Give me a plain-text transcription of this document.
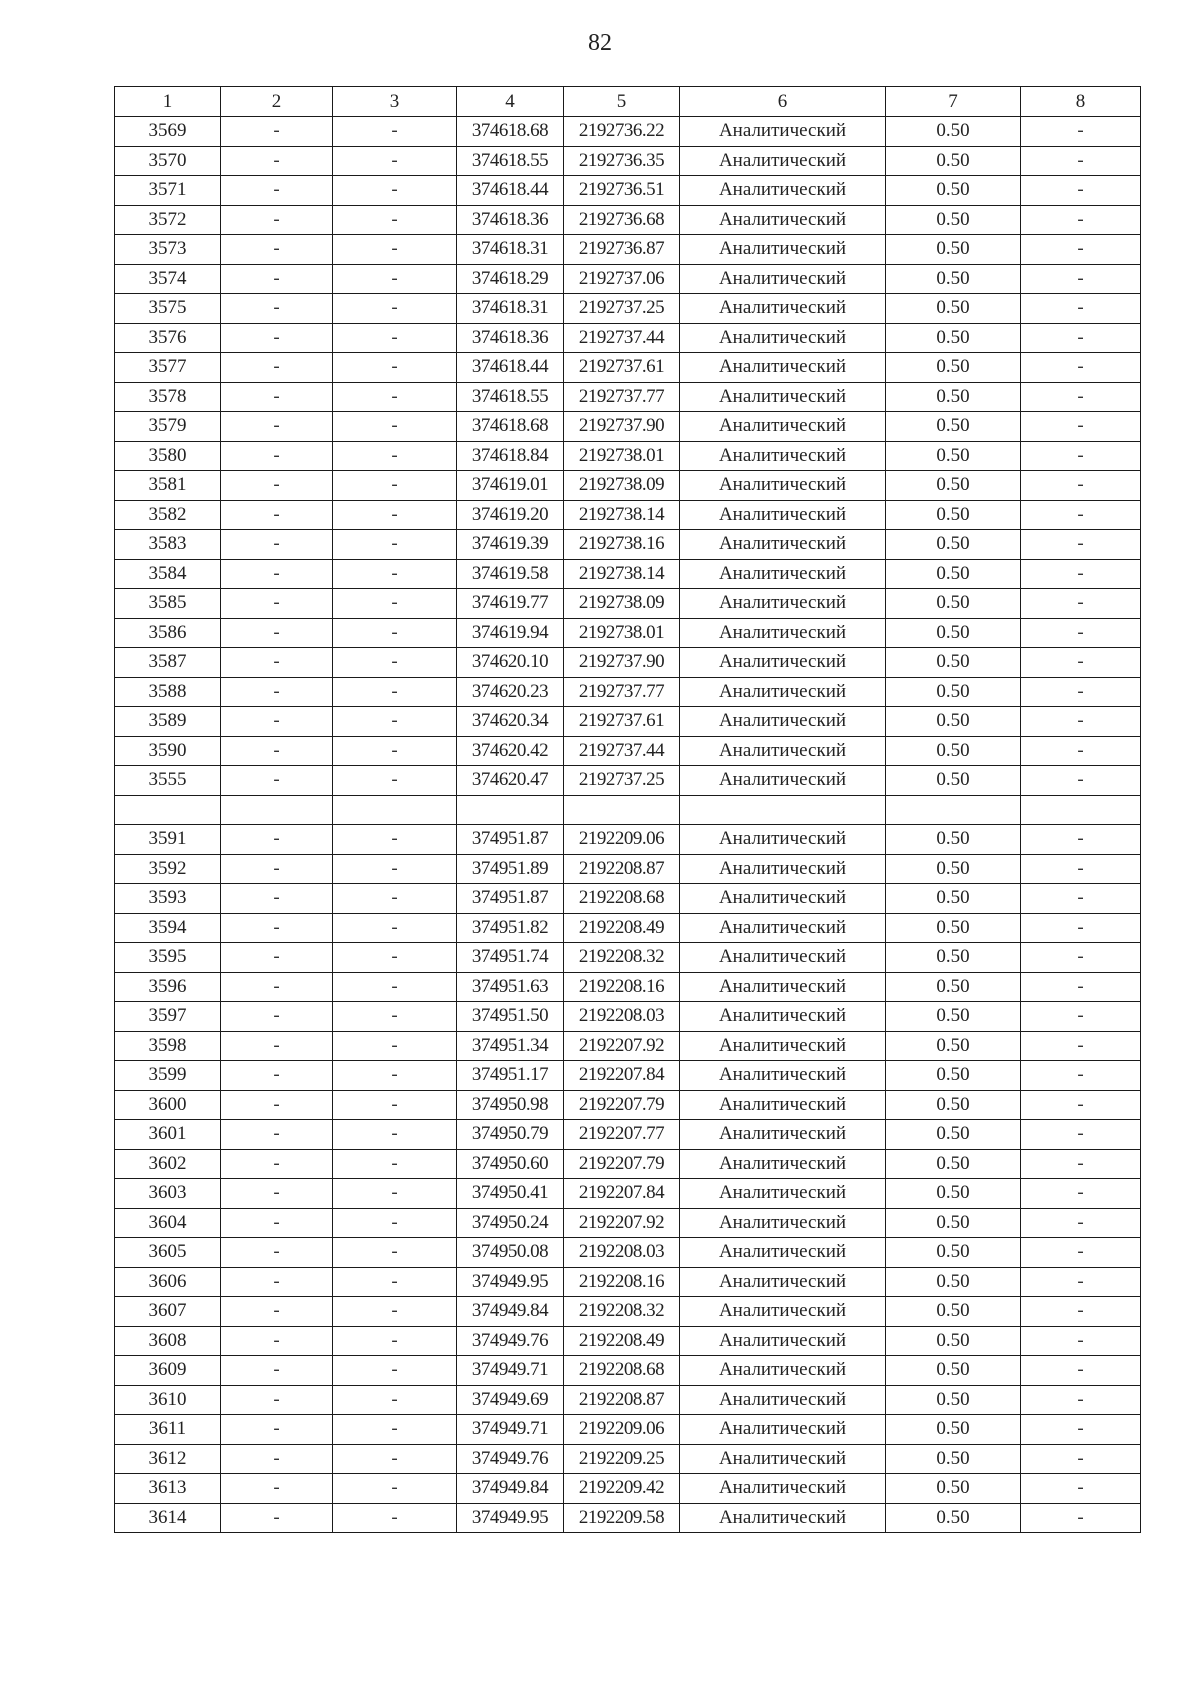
82
1	2	3	4	5	6	7	8
3569	-	-	374618.68	2192736.22	Аналитический	0.50	-
3570	-	-	374618.55	2192736.35	Аналитический	0.50	-
3571	-	-	374618.44	2192736.51	Аналитический	0.50	-
3572	-	-	374618.36	2192736.68	Аналитический	0.50	-
3573	-	-	374618.31	2192736.87	Аналитический	0.50	-
3574	-	-	374618.29	2192737.06	Аналитический	0.50	-
3575	-	-	374618.31	2192737.25	Аналитический	0.50	-
3576	-	-	374618.36	2192737.44	Аналитический	0.50	-
3577	-	-	374618.44	2192737.61	Аналитический	0.50	-
3578	-	-	374618.55	2192737.77	Аналитический	0.50	-
3579	-	-	374618.68	2192737.90	Аналитический	0.50	-
3580	-	-	374618.84	2192738.01	Аналитический	0.50	-
3581	-	-	374619.01	2192738.09	Аналитический	0.50	-
3582	-	-	374619.20	2192738.14	Аналитический	0.50	-
3583	-	-	374619.39	2192738.16	Аналитический	0.50	-
3584	-	-	374619.58	2192738.14	Аналитический	0.50	-
3585	-	-	374619.77	2192738.09	Аналитический	0.50	-
3586	-	-	374619.94	2192738.01	Аналитический	0.50	-
3587	-	-	374620.10	2192737.90	Аналитический	0.50	-
3588	-	-	374620.23	2192737.77	Аналитический	0.50	-
3589	-	-	374620.34	2192737.61	Аналитический	0.50	-
3590	-	-	374620.42	2192737.44	Аналитический	0.50	-
3555	-	-	374620.47	2192737.25	Аналитический	0.50	-

3591	-	-	374951.87	2192209.06	Аналитический	0.50	-
3592	-	-	374951.89	2192208.87	Аналитический	0.50	-
3593	-	-	374951.87	2192208.68	Аналитический	0.50	-
3594	-	-	374951.82	2192208.49	Аналитический	0.50	-
3595	-	-	374951.74	2192208.32	Аналитический	0.50	-
3596	-	-	374951.63	2192208.16	Аналитический	0.50	-
3597	-	-	374951.50	2192208.03	Аналитический	0.50	-
3598	-	-	374951.34	2192207.92	Аналитический	0.50	-
3599	-	-	374951.17	2192207.84	Аналитический	0.50	-
3600	-	-	374950.98	2192207.79	Аналитический	0.50	-
3601	-	-	374950.79	2192207.77	Аналитический	0.50	-
3602	-	-	374950.60	2192207.79	Аналитический	0.50	-
3603	-	-	374950.41	2192207.84	Аналитический	0.50	-
3604	-	-	374950.24	2192207.92	Аналитический	0.50	-
3605	-	-	374950.08	2192208.03	Аналитический	0.50	-
3606	-	-	374949.95	2192208.16	Аналитический	0.50	-
3607	-	-	374949.84	2192208.32	Аналитический	0.50	-
3608	-	-	374949.76	2192208.49	Аналитический	0.50	-
3609	-	-	374949.71	2192208.68	Аналитический	0.50	-
3610	-	-	374949.69	2192208.87	Аналитический	0.50	-
3611	-	-	374949.71	2192209.06	Аналитический	0.50	-
3612	-	-	374949.76	2192209.25	Аналитический	0.50	-
3613	-	-	374949.84	2192209.42	Аналитический	0.50	-
3614	-	-	374949.95	2192209.58	Аналитический	0.50	-
